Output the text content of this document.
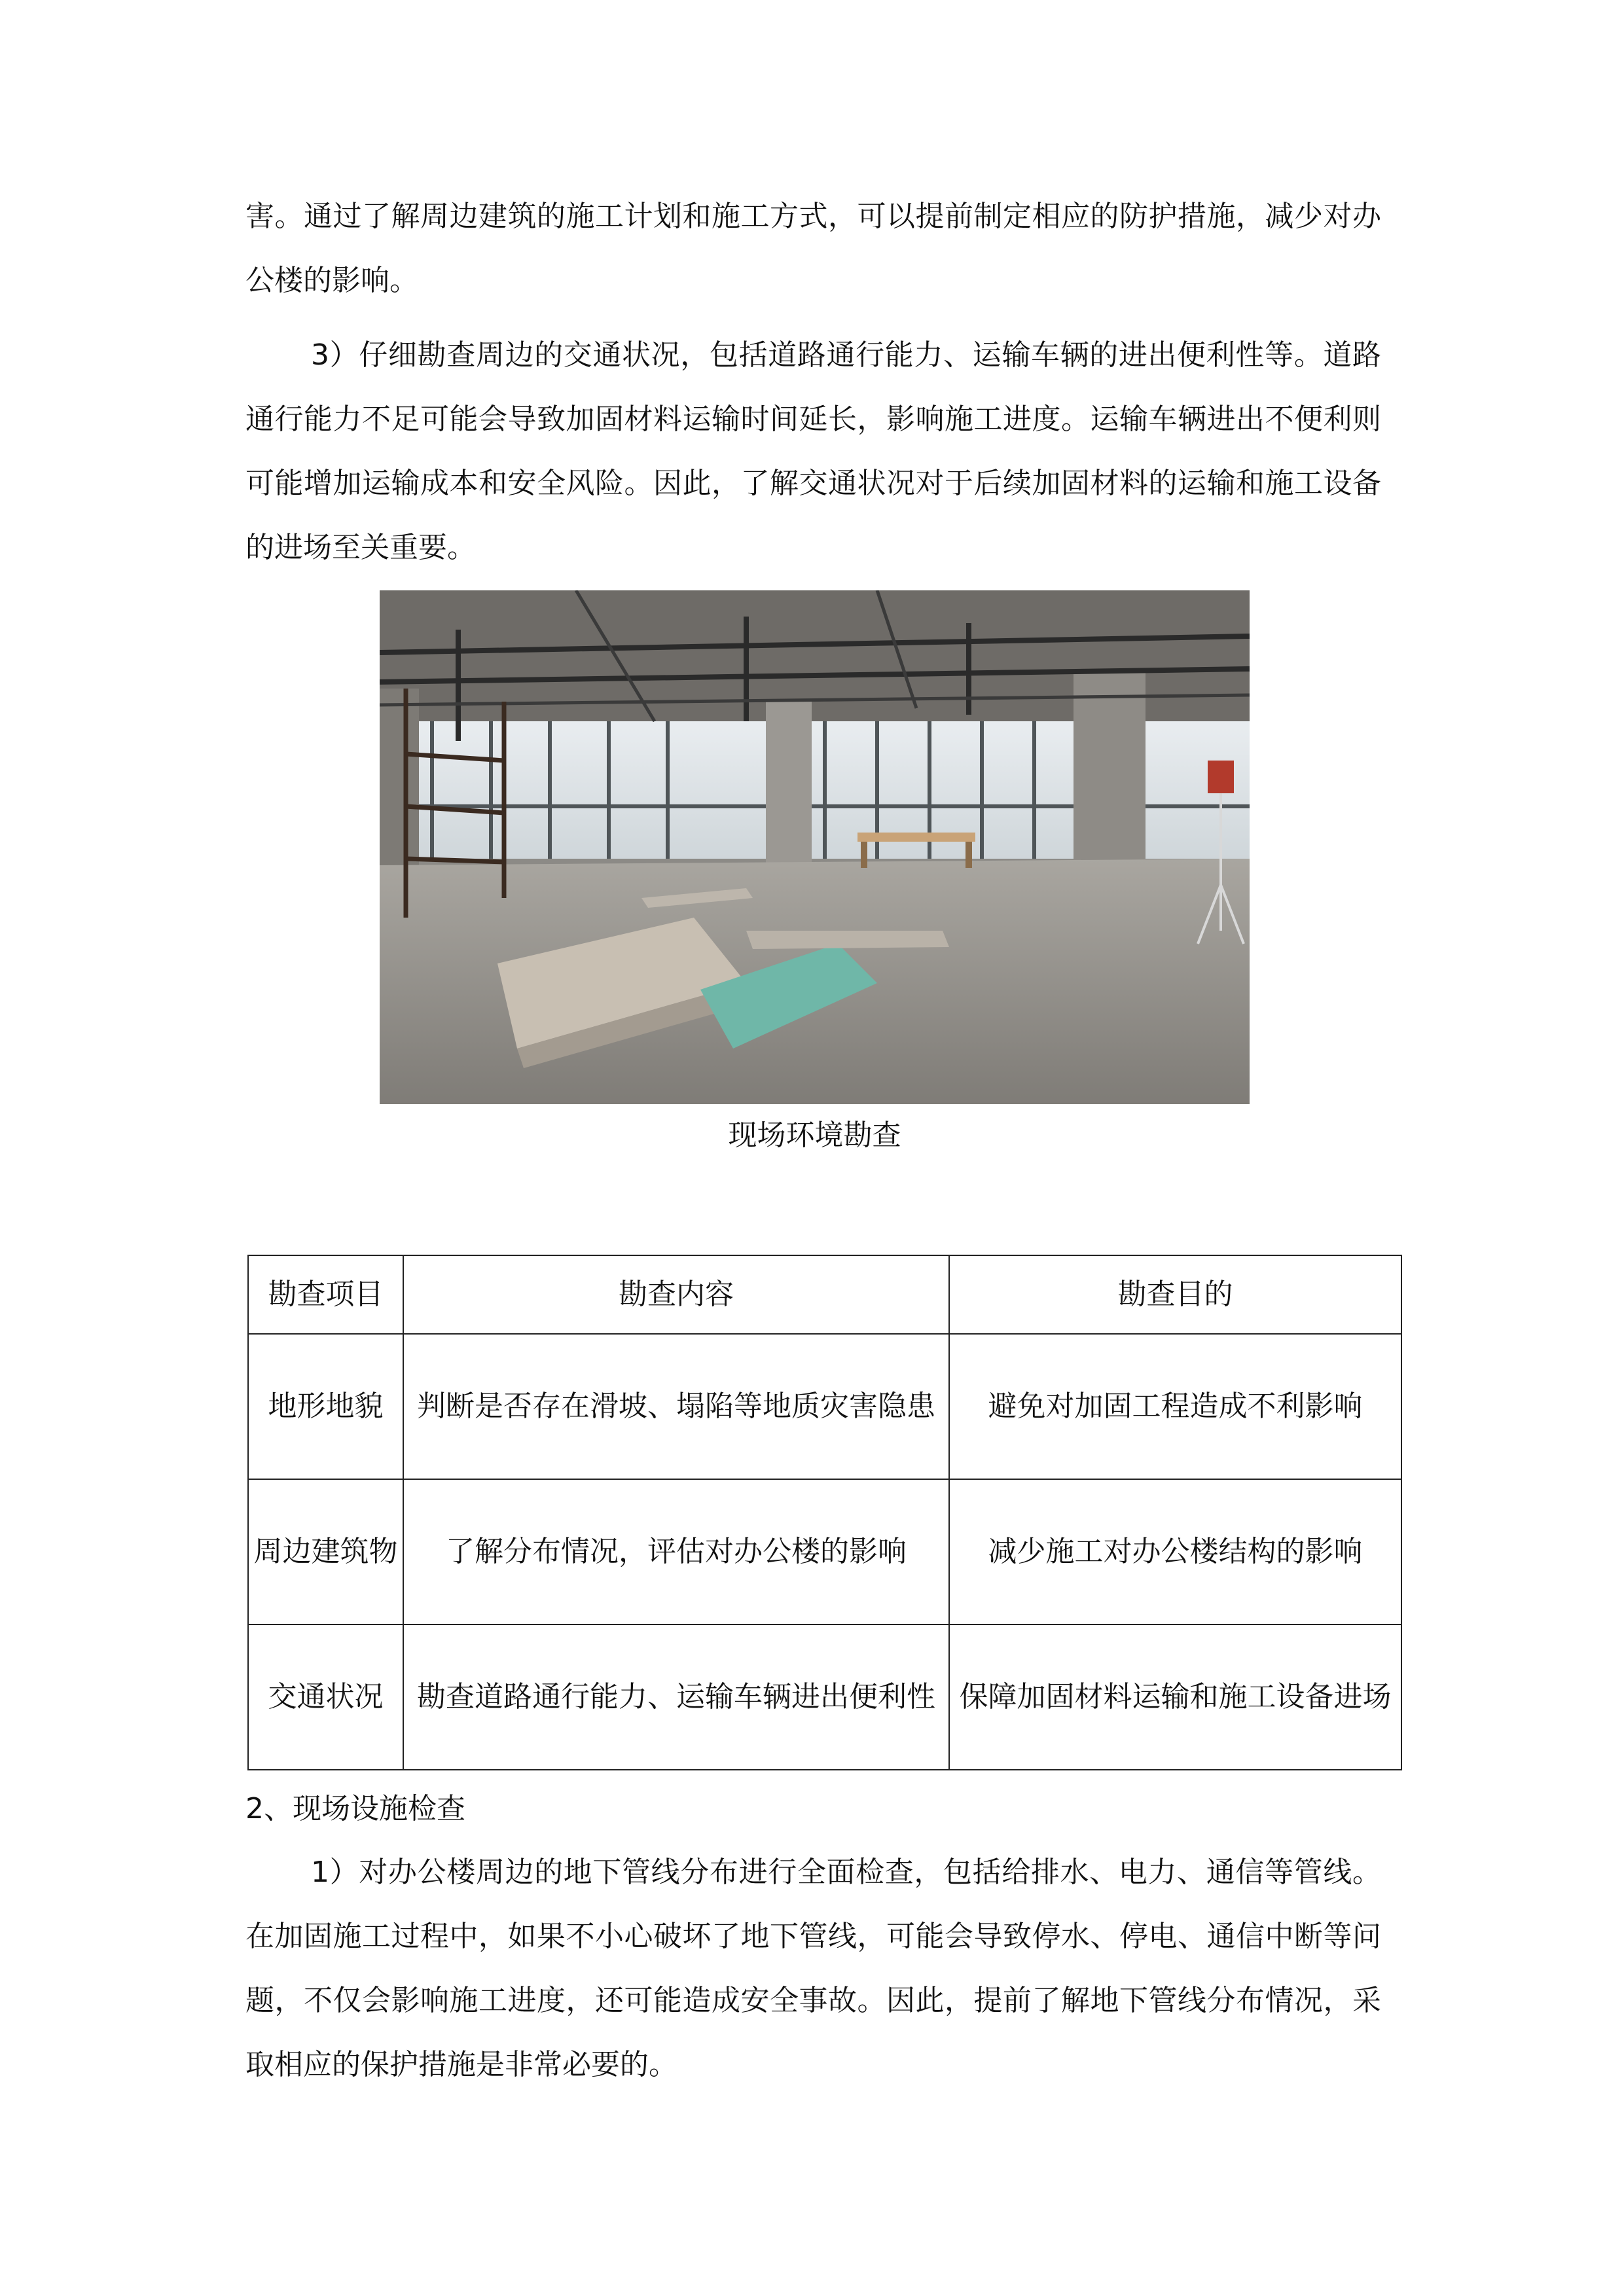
害。通过了解周边建筑的施工计划和施工方式，可以提前制定相应的防护措施，减少对办公楼的影响。

3）仔细勘查周边的交通状况，包括道路通行能力、运输车辆的进出便利性等。道路通行能力不足可能会导致加固材料运输时间延长，影响施工进度。运输车辆进出不便利则可能增加运输成本和安全风险。因此，了解交通状况对于后续加固材料的运输和施工设备的进场至关重要。

现场环境勘查
勘查项目	勘查内容	勘查目的
地形地貌	判断是否存在滑坡、塌陷等地质灾害隐患	避免对加固工程造成不利影响
周边建筑物	了解分布情况，评估对办公楼的影响	减少施工对办公楼结构的影响
交通状况	勘查道路通行能力、运输车辆进出便利性	保障加固材料运输和施工设备进场

2、现场设施检查

1）对办公楼周边的地下管线分布进行全面检查，包括给排水、电力、通信等管线。在加固施工过程中，如果不小心破坏了地下管线，可能会导致停水、停电、通信中断等问题，不仅会影响施工进度，还可能造成安全事故。因此，提前了解地下管线分布情况，采取相应的保护措施是非常必要的。
